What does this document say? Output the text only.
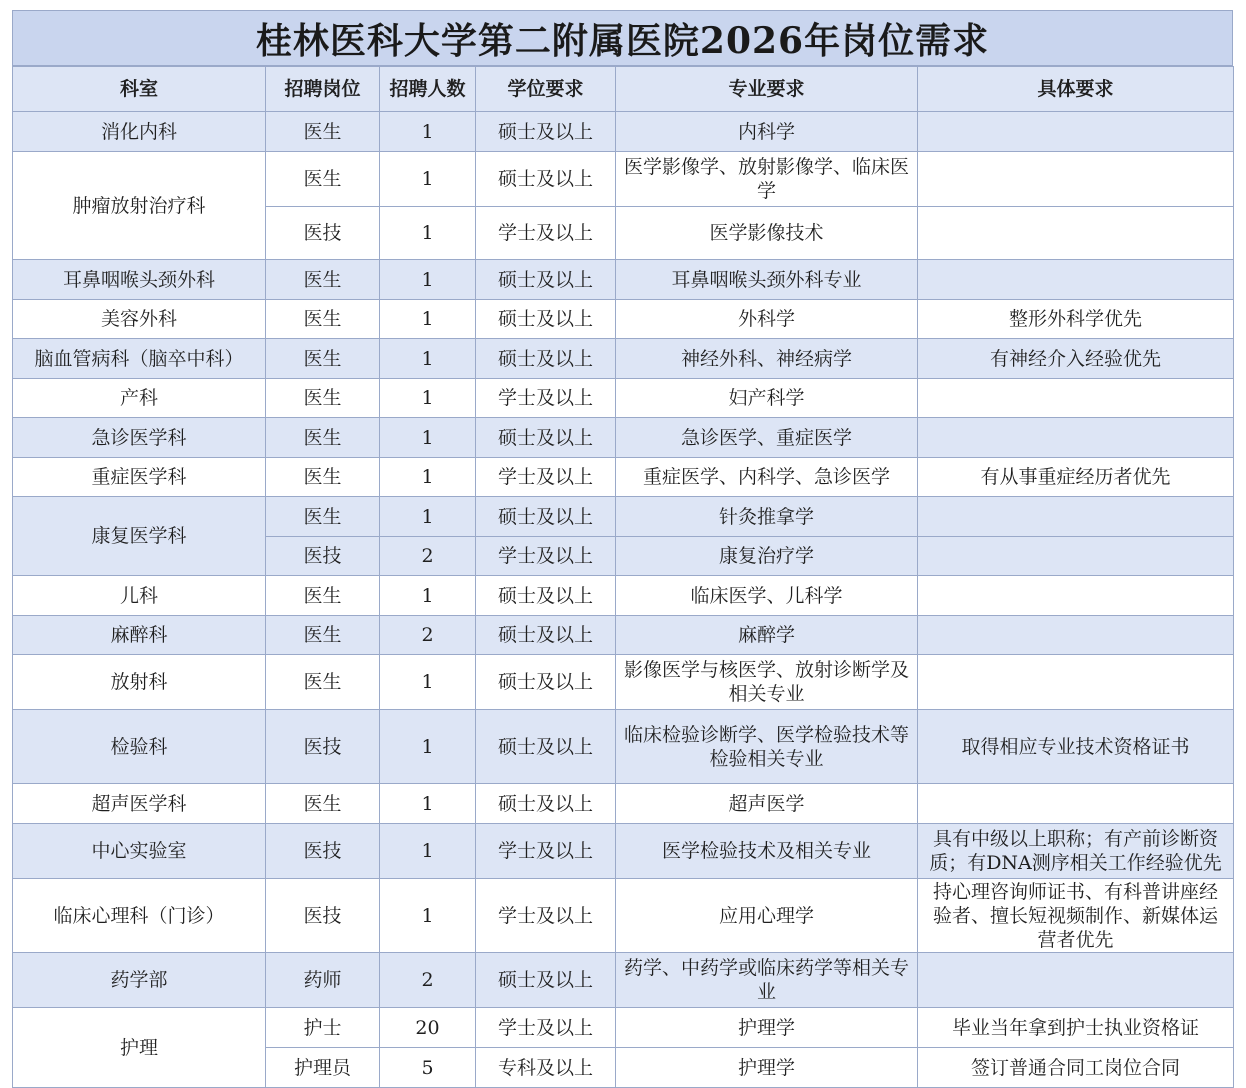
桂林医科大学第二附属医院2026年岗位需求
科室	招聘岗位	招聘人数	学位要求	专业要求	具体要求
消化内科	医生	1	硕士及以上	内科学	
肿瘤放射治疗科	医生	1	硕士及以上	医学影像学、放射影像学、临床医学	
	医技	1	学士及以上	医学影像技术	
耳鼻咽喉头颈外科	医生	1	硕士及以上	耳鼻咽喉头颈外科专业	
美容外科	医生	1	硕士及以上	外科学	整形外科学优先
脑血管病科（脑卒中科）	医生	1	硕士及以上	神经外科、神经病学	有神经介入经验优先
产科	医生	1	学士及以上	妇产科学	
急诊医学科	医生	1	硕士及以上	急诊医学、重症医学	
重症医学科	医生	1	学士及以上	重症医学、内科学、急诊医学	有从事重症经历者优先
康复医学科	医生	1	硕士及以上	针灸推拿学	
	医技	2	学士及以上	康复治疗学	
儿科	医生	1	硕士及以上	临床医学、儿科学	
麻醉科	医生	2	硕士及以上	麻醉学	
放射科	医生	1	硕士及以上	影像医学与核医学、放射诊断学及相关专业	
检验科	医技	1	硕士及以上	临床检验诊断学、医学检验技术等检验相关专业	取得相应专业技术资格证书
超声医学科	医生	1	硕士及以上	超声医学	
中心实验室	医技	1	学士及以上	医学检验技术及相关专业	具有中级以上职称；有产前诊断资质；有DNA测序相关工作经验优先
临床心理科（门诊）	医技	1	学士及以上	应用心理学	持心理咨询师证书、有科普讲座经验者、擅长短视频制作、新媒体运营者优先
药学部	药师	2	硕士及以上	药学、中药学或临床药学等相关专业	
护理	护士	20	学士及以上	护理学	毕业当年拿到护士执业资格证
	护理员	5	专科及以上	护理学	签订普通合同工岗位合同
